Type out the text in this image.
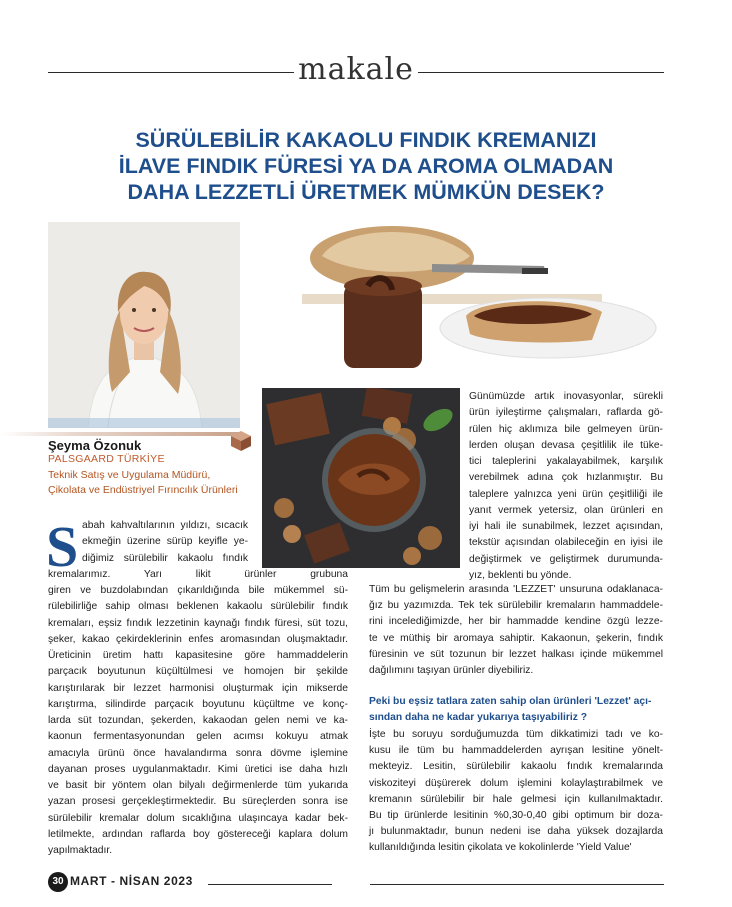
makale
SÜRÜLEBİLİR KAKAOLU FINDIK KREMANIZI
İLAVE FINDIK FÜRESİ YA DA AROMA OLMADAN
DAHA LEZZETLİ ÜRETMEK MÜMKÜN DESEK?
Şeyma Özonuk
PALSGAARD TÜRKİYE
Teknik Satış ve Uygulama Müdürü,
Çikolata ve Endüstriyel Fırıncılık Ürünleri
S
30 MART - NİSAN 2023
abah kahvaltılarının yıldızı, sıcacık
ekmeğin üzerine sürüp keyifle ye-
diğimiz sürülebilir kakaolu fındık
kremalarımız. Yarı likit ürünler grubuna
giren ve buzdolabından çıkarıldığında bile mükemmel sü-
rülebilirliğe sahip olması beklenen kakaolu sürülebilir fındık
kremaları, eşsiz fındık lezzetinin kaynağı fındık füresi, süt tozu,
şeker, kakao çekirdeklerinin enfes aromasından oluşmaktadır.
Üreticinin üretim hattı kapasitesine göre hammaddelerin
parçacık boyutunun küçültülmesi ve homojen bir şekilde
karıştırılarak bir lezzet harmonisi oluşturmak için mikserde
karıştırma, silindirde parçacık boyutunu küçültme ve konç-
larda süt tozundan, şekerden, kakaodan gelen nemi ve ka-
kaonun fermentasyonundan gelen acımsı kokuyu atmak
amacıyla ürünü önce havalandırma sonra dövme işlemine
dayanan proses uygulanmaktadır. Kimi üretici ise daha hızlı
ve basit bir yöntem olan bilyalı değirmenlerde tüm yukarıda
yazan prosesi gerçekleştirmektedir. Bu süreçlerden sonra ise
sürülebilir kremalar dolum sıcaklığına ulaşıncaya kadar bek-
letilmekte, ardından raflarda boy göstereceği kaplara dolum
yapılmaktadır.
Günümüzde artık inovasyonlar, sürekli
ürün iyileştirme çalışmaları, raflarda gö-
rülen hiç aklımıza bile gelmeyen ürün-
lerden oluşan devasa çeşitlilik ile tüke-
tici taleplerini yakalayabilmek, karşılık
verebilmek adına çok hızlanmıştır. Bu
taleplere yalnızca yeni ürün çeşitliliği ile
yanıt vermek yetersiz, olan ürünleri en
iyi hali ile sunabilmek, lezzet açısından,
tekstür açısından olabileceğin en iyisi ile
değiştirmek ve geliştirmek durumunda-
yız, beklenti bu yönde.
Tüm bu gelişmelerin arasında 'LEZZET' unsuruna odaklanaca-
ğız bu yazımızda. Tek tek sürülebilir kremaların hammaddele-
rini incelediğimizde, her bir hammadde kendine özgü lezze-
te ve müthiş bir aromaya sahiptir. Kakaonun, şekerin, fındık
füresinin ve süt tozunun bir lezzet halkası içinde mükemmel
dağılımını taşıyan ürünler diyebiliriz.
Peki bu eşsiz tatlara zaten sahip olan ürünleri 'Lezzet' açı-
sından daha ne kadar yukarıya taşıyabiliriz ?
İşte bu soruyu sorduğumuzda tüm dikkatimizi tadı ve ko-
kusu ile tüm bu hammaddelerden ayrışan lesitine yönelt-
mekteyiz. Lesitin, sürülebilir kakaolu fındık kremalarında
viskoziteyi düşürerek dolum işlemini kolaylaştırabilmek ve
kremanın sürülebilir bir hale gelmesi için kullanılmaktadır.
Bu tip ürünlerde lesitinin %0,30-0,40 gibi optimum bir doza-
jı bulunmaktadır, bunun nedeni ise daha yüksek dozajlarda
kullanıldığında lesitin çikolata ve kokolinlerde 'Yield Value'
